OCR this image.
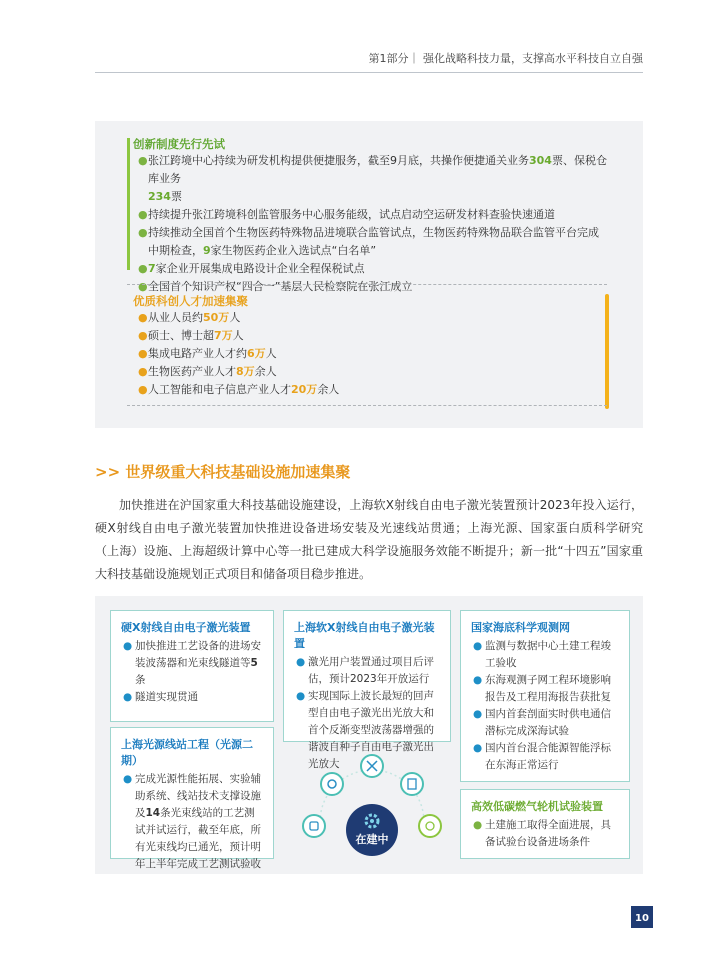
第1部分｜ 强化战略科技力量，支撑高水平科技自立自强
创新制度先行先试
● 张江跨境中心持续为研发机构提供便捷服务，截至9月底，共操作便捷通关业务304票、保税仓库业务
234票
● 持续提升张江跨境科创监管服务中心服务能级，试点启动空运研发材料查验快速通道
● 持续推动全国首个生物医药特殊物品进境联合监管试点，生物医药特殊物品联合监管平台完成中期检查，9家生物医药企业入选试点“白名单”
● 7家企业开展集成电路设计企业全程保税试点
● 全国首个知识产权“四合一”基层人民检察院在张江成立
优质科创人才加速集聚
● 从业人员约50万人
● 硕士、博士超7万人
● 集成电路产业人才约6万人
● 生物医药产业人才8万余人
● 人工智能和电子信息产业人才20万余人
>> 世界级重大科技基础设施加速集聚
加快推进在沪国家重大科技基础设施建设，上海软X射线自由电子激光装置预计2023年投入运行，硬X射线自由电子激光装置加快推进设备进场安装及光速线站贯通；上海光源、国家蛋白质科学研究（上海）设施、上海超级计算中心等一批已建成大科学设施服务效能不断提升；新一批“十四五”国家重大科技基础设施规划正式项目和储备项目稳步推进。
硬X射线自由电子激光装置
● 加快推进工艺设备的进场安装波荡器和光束线隧道等5条
● 隧道实现贯通
上海光源线站工程（光源二期）
● 完成光源性能拓展、实验辅助系统、线站技术支撑设施及14条光束线站的工艺测试并试运行，截至年底，所有光束线均已通光，预计明年上半年完成工艺测试验收
上海软X射线自由电子激光装置
● 激光用户装置通过项目后评估，预计2023年开放运行
● 实现国际上波长最短的回声型自由电子激光出光放大和首个反渐变型波荡器增强的谐波自种子自由电子激光出光放大
国家海底科学观测网
● 监测与数据中心土建工程竣工验收
● 东海观测子网工程环境影响报告及工程用海报告获批复
● 国内首套剖面实时供电通信潜标完成深海试验
● 国内首台混合能源智能浮标在东海正常运行
高效低碳燃气轮机试验装置
● 土建施工取得全面进展，具备试验台设备进场条件
在建中
10
